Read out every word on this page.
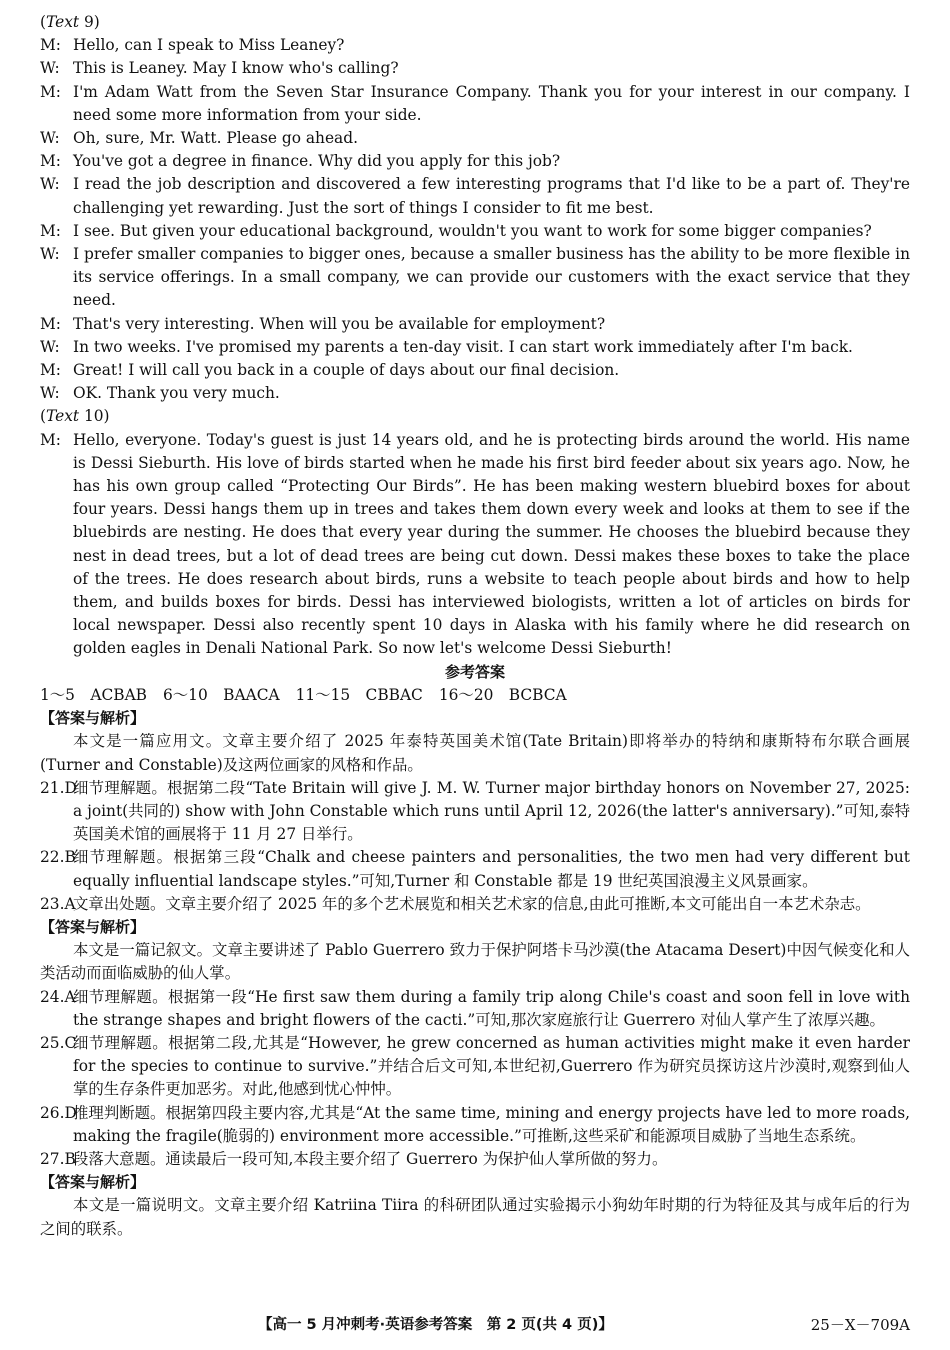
(Text 9)

M: Hello, can I speak to Miss Leaney?

W: This is Leaney. May I know who's calling?

M: I'm Adam Watt from the Seven Star Insurance Company. Thank you for your interest in our company. I need some more information from your side.

W: Oh, sure, Mr. Watt. Please go ahead.

M: You've got a degree in finance. Why did you apply for this job?

W: I read the job description and discovered a few interesting programs that I'd like to be a part of. They're challenging yet rewarding. Just the sort of things I consider to fit me best.

M: I see. But given your educational background, wouldn't you want to work for some bigger companies?

W: I prefer smaller companies to bigger ones, because a smaller business has the ability to be more flexible in its service offerings. In a small company, we can provide our customers with the exact service that they need.

M: That's very interesting. When will you be available for employment?

W: In two weeks. I've promised my parents a ten-day visit. I can start work immediately after I'm back.

M: Great! I will call you back in a couple of days about our final decision.

W: OK. Thank you very much.

(Text 10)

M: Hello, everyone. Today's guest is just 14 years old, and he is protecting birds around the world. His name is Dessi Sieburth. His love of birds started when he made his first bird feeder about six years ago. Now, he has his own group called “Protecting Our Birds”. He has been making western bluebird boxes for about four years. Dessi hangs them up in trees and takes them down every week and looks at them to see if the bluebirds are nesting. He does that every year during the summer. He chooses the bluebird because they nest in dead trees, but a lot of dead trees are being cut down. Dessi makes these boxes to take the place of the trees. He does research about birds, runs a website to teach people about birds and how to help them, and builds boxes for birds. Dessi has interviewed biologists, written a lot of articles on birds for local newspaper. Dessi also recently spent 10 days in Alaska with his family where he did research on golden eagles in Denali National Park. So now let's welcome Dessi Sieburth!

参考答案

1～5　ACBAB 6～10　BAACA 11～15　CBBAC 16～20　BCBCA

【答案与解析】

本文是一篇应用文。文章主要介绍了 2025 年泰特英国美术馆(Tate Britain)即将举办的特纳和康斯特布尔联合画展(Turner and Constable)及这两位画家的风格和作品。

21.D
细节理解题。根据第二段“Tate Britain will give J. M. W. Turner major birthday honors on November 27, 2025: a joint(共同的) show with John Constable which runs until April 12, 2026(the latter's anniversary).”可知,泰特英国美术馆的画展将于 11 月 27 日举行。

22.B
细节理解题。根据第三段“Chalk and cheese painters and personalities, the two men had very different but equally influential landscape styles.”可知,Turner 和 Constable 都是 19 世纪英国浪漫主义风景画家。

23.A
文章出处题。文章主要介绍了 2025 年的多个艺术展览和相关艺术家的信息,由此可推断,本文可能出自一本艺术杂志。

【答案与解析】

本文是一篇记叙文。文章主要讲述了 Pablo Guerrero 致力于保护阿塔卡马沙漠(the Atacama Desert)中因气候变化和人类活动而面临威胁的仙人掌。

24.A
细节理解题。根据第一段“He first saw them during a family trip along Chile's coast and soon fell in love with the strange shapes and bright flowers of the cacti.”可知,那次家庭旅行让 Guerrero 对仙人掌产生了浓厚兴趣。

25.C
细节理解题。根据第二段,尤其是“However, he grew concerned as human activities might make it even harder for the species to continue to survive.”并结合后文可知,本世纪初,Guerrero 作为研究员探访这片沙漠时,观察到仙人掌的生存条件更加恶劣。对此,他感到忧心忡忡。

26.D
推理判断题。根据第四段主要内容,尤其是“At the same time, mining and energy projects have led to more roads, making the fragile(脆弱的) environment more accessible.”可推断,这些采矿和能源项目威胁了当地生态系统。

27.B
段落大意题。通读最后一段可知,本段主要介绍了 Guerrero 为保护仙人掌所做的努力。

【答案与解析】

本文是一篇说明文。文章主要介绍 Katriina Tiira 的科研团队通过实验揭示小狗幼年时期的行为特征及其与成年后的行为之间的联系。

【高一 5 月冲刺考·英语参考答案　第 2 页(共 4 页)】	25－X－709A
